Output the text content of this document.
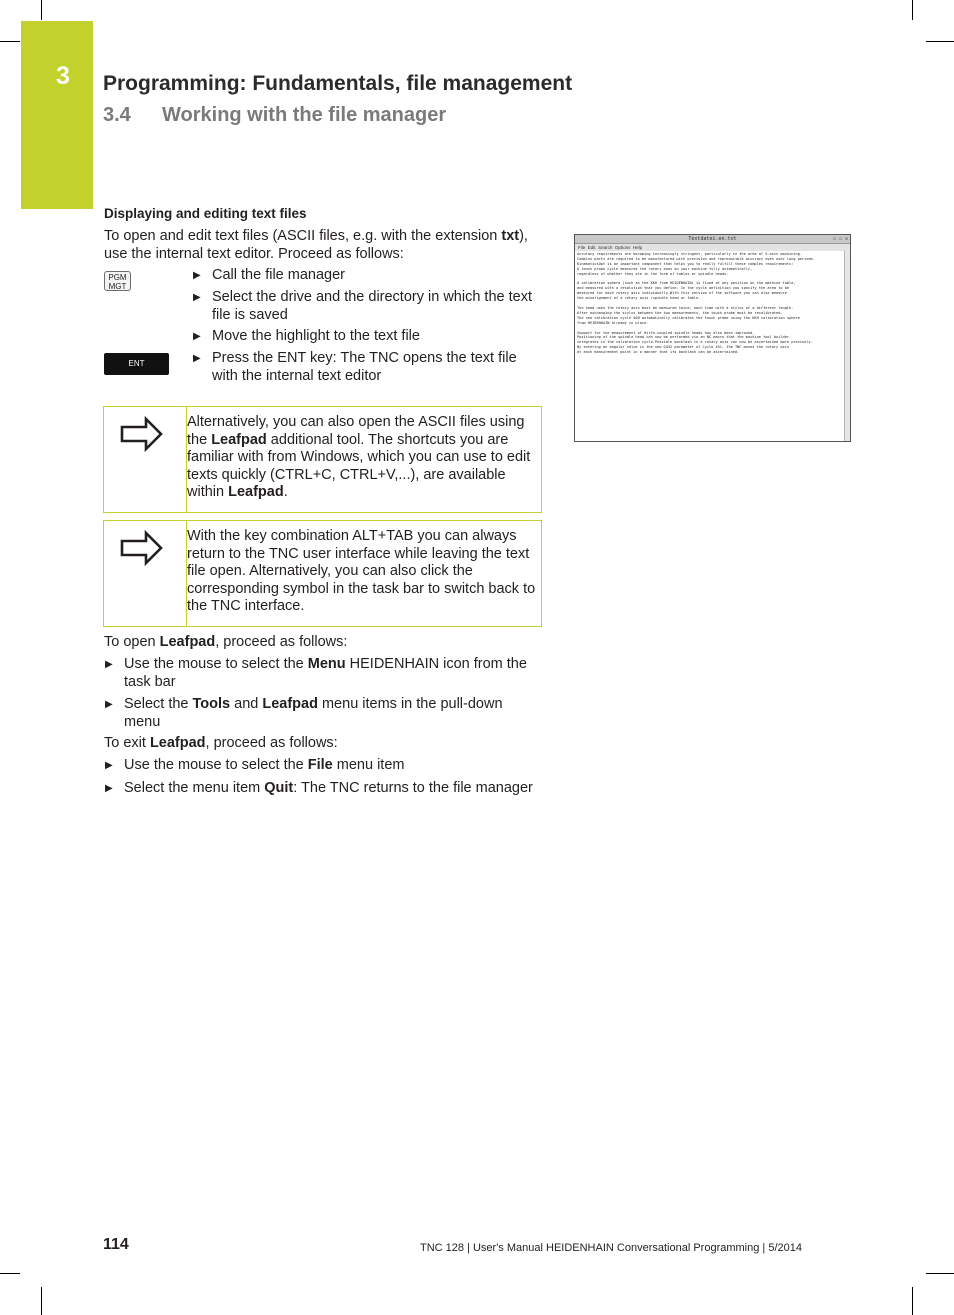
3 Programming: Fundamentals, file management
3.4 Working with the file manager
Displaying and editing text files
To open and edit text files (ASCII files, e.g. with the extension txt), use the internal text editor. Proceed as follows:
PGM MGT
ENT
▶ Call the file manager
▶ Select the drive and the directory in which the text file is saved
▶ Move the highlight to the text file
▶ Press the ENT key: The TNC opens the text file with the internal text editor
Alternatively, you can also open the ASCII files using the Leafpad additional tool. The shortcuts you are familiar with from Windows, which you can use to edit texts quickly (CTRL+C, CTRL+V,...), are available within Leafpad.
With the key combination ALT+TAB you can always return to the TNC user interface while leaving the text file open. Alternatively, you can also click the corresponding symbol in the task bar to switch back to the TNC interface.
To open Leafpad, proceed as follows:
▶ Use the mouse to select the Menu HEIDENHAIN icon from the task bar
▶ Select the Tools and Leafpad menu items in the pull-down menu
To exit Leafpad, proceed as follows:
▶ Use the mouse to select the File menu item
▶ Select the menu item Quit: The TNC returns to the file manager
Textdatei.en.txt	▫ ▫ ✕
File Edit Search Options Help
Accuracy requirements are becoming increasingly stringent, particularly in the area of 5-axis machining.
Complex parts are required to be manufactured with precision and reproducible accuracy even over long periods.
KinematicsOpt is an important component that helps you to really fulfill these complex requirements:
A touch probe cycle measures the rotary axes on your machine fully automatically,
regardless of whether they are in the form of tables or spindle heads.

A calibration sphere (such as the KKH from HEIDENHAIN) is fixed at any position on the machine table,
and measured with a resolution that you define. In the cycle definition you specify the area to be
measured for each rotary axis individually.With this version of the software you can also measure
the misalignment of a rotary axis (spindle head or table.

The head uses the rotary axis must be measured twice, each time with a stylus of a different length.
After exchanging the stylus between the two measurements, the touch probe must be recalibrated.
The new calibration cycle 460 automatically calibrates the touch probe using the KKH calibration sphere
from HEIDENHAIN already in place.

Support for the measurement of Hirth-coupled spindle heads has also been improved.
Positioning of the spindle head can now be performed via an NC macro that the machine tool builder
integrates in the calibration cycle.Possible backlash in a rotary axis can now be ascertained more precisely.
By entering an angular value in the new Q432 parameter of Cycle 451, the TNC moves the rotary axis
at each measurement point in a manner that its backlash can be ascertained.
114	TNC 128 | User's Manual HEIDENHAIN Conversational Programming | 5/2014
